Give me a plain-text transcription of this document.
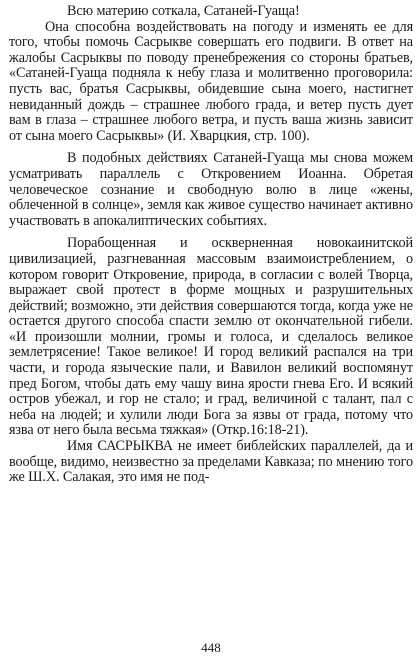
Всю материю соткала, Сатаней-Гуаща!

Она способна воздействовать на погоду и изменять ее для того, чтобы помочь Сасрыкве совершать его подвиги. В ответ на жалобы Сасрыквы по поводу пренебрежения со стороны братьев, «Сатаней-Гуаща подняла к небу глаза и молитвенно проговорила: пусть вас, братья Сасрыквы, обидевшие сына моего, настигнет невиданный дождь – страшнее любого града, и ветер пусть дует вам в глаза – страшнее любого ветра, и пусть ваша жизнь зависит от сына моего Сасрыквы» (И. Хварцкия, стр. 100).

В подобных действиях Сатаней-Гуаща мы снова можем усматривать параллель с Откровением Иоанна. Обретая человеческое сознание и свободную волю в лице «жены, облеченной в солнце», земля как живое существо начинает активно участвовать в апокалиптических событиях.

Порабощенная и оскверненная новокаинитской цивилизацией, разгневанная массовым взаимоистреблением, о котором говорит Откровение, природа, в согласии с волей Творца, выражает свой протест в форме мощных и разрушительных действий; возможно, эти действия совершаются тогда, когда уже не остается другого способа спасти землю от окончательной гибели. «И произошли молнии, громы и голоса, и сделалось великое землетрясение! Такое великое! И город великий распался на три части, и города языческие пали, и Вавилон великий воспомянут пред Богом, чтобы дать ему чашу вина ярости гнева Его. И всякий остров убежал, и гор не стало; и град, величиной с талант, пал с неба на людей; и хулили люди Бога за язвы от града, потому что язва от него была весьма тяжкая» (Откр.16:18-21).

Имя САСРЫКВА не имеет библейских параллелей, да и вообще, видимо, неизвестно за пределами Кавказа; по мнению того же Ш.Х. Салакая, это имя не под-

448
